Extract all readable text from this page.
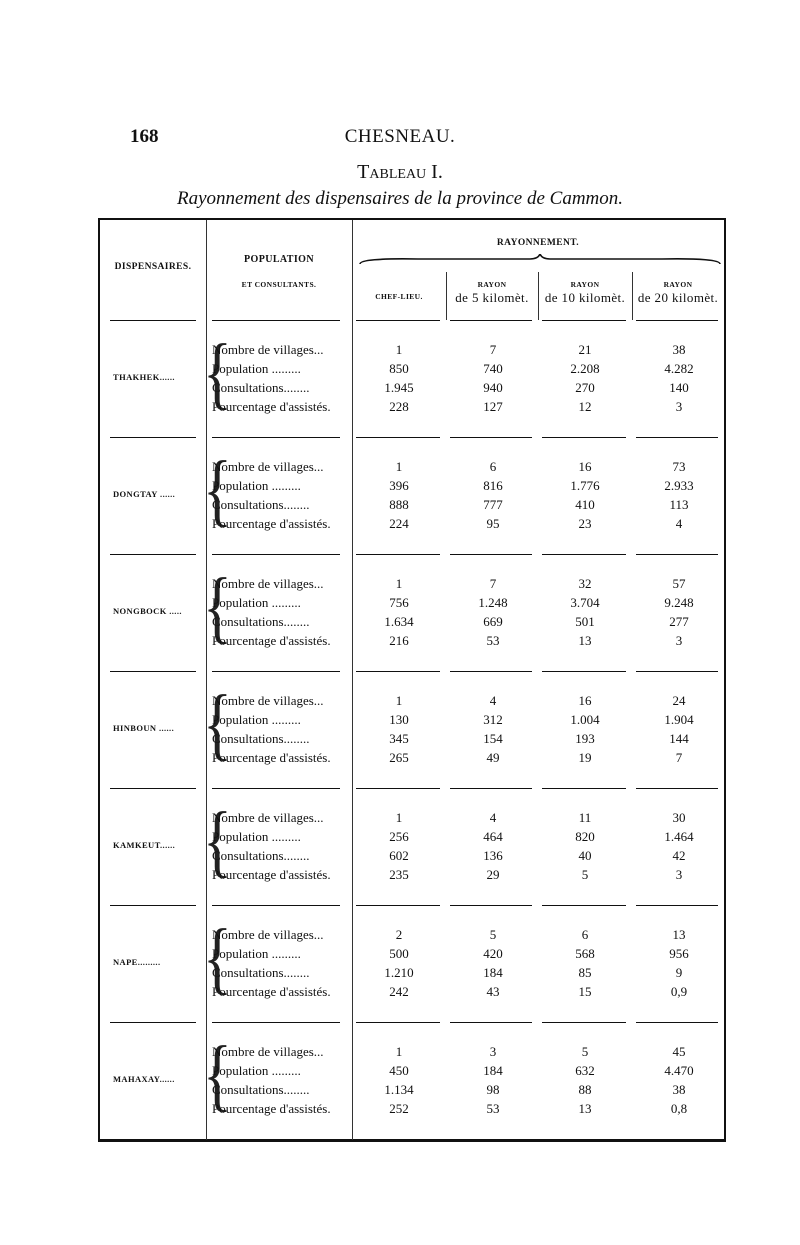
168	CHESNEAU.
Tableau I.
Rayonnement des dispensaires de la province de Cammon.
DISPENSAIRES.
POPULATION
ET CONSULTANTS.
RAYONNEMENT.
CHEF-LIEU.
RAYON
de 5 kilomèt.
RAYON
de 10 kilomèt.
RAYON
de 20 kilomèt.
THAKHEK...... {
Nombre de villages...	1	7	21	38
Population .........	850	740	2.208	4.282
Consultations........	1.945	940	270	140
Pourcentage d'assistés.	228	127	12	3
DONGTAY ...... {
Nombre de villages...	1	6	16	73
Population .........	396	816	1.776	2.933
Consultations........	888	777	410	113
Pourcentage d'assistés.	224	95	23	4
NONGBOCK ..... {
Nombre de villages...	1	7	32	57
Population .........	756	1.248	3.704	9.248
Consultations........	1.634	669	501	277
Pourcentage d'assistés.	216	53	13	3
HINBOUN ...... {
Nombre de villages...	1	4	16	24
Population .........	130	312	1.004	1.904
Consultations........	345	154	193	144
Pourcentage d'assistés.	265	49	19	7
KAMKEUT...... {
Nombre de villages...	1	4	11	30
Population .........	256	464	820	1.464
Consultations........	602	136	40	42
Pourcentage d'assistés.	235	29	5	3
NAPE......... {
Nombre de villages...	2	5	6	13
Population .........	500	420	568	956
Consultations........	1.210	184	85	9
Pourcentage d'assistés.	242	43	15	0,9
MAHAXAY...... {
Nombre de villages...	1	3	5	45
Population .........	450	184	632	4.470
Consultations........	1.134	98	88	38
Pourcentage d'assistés.	252	53	13	0,8
